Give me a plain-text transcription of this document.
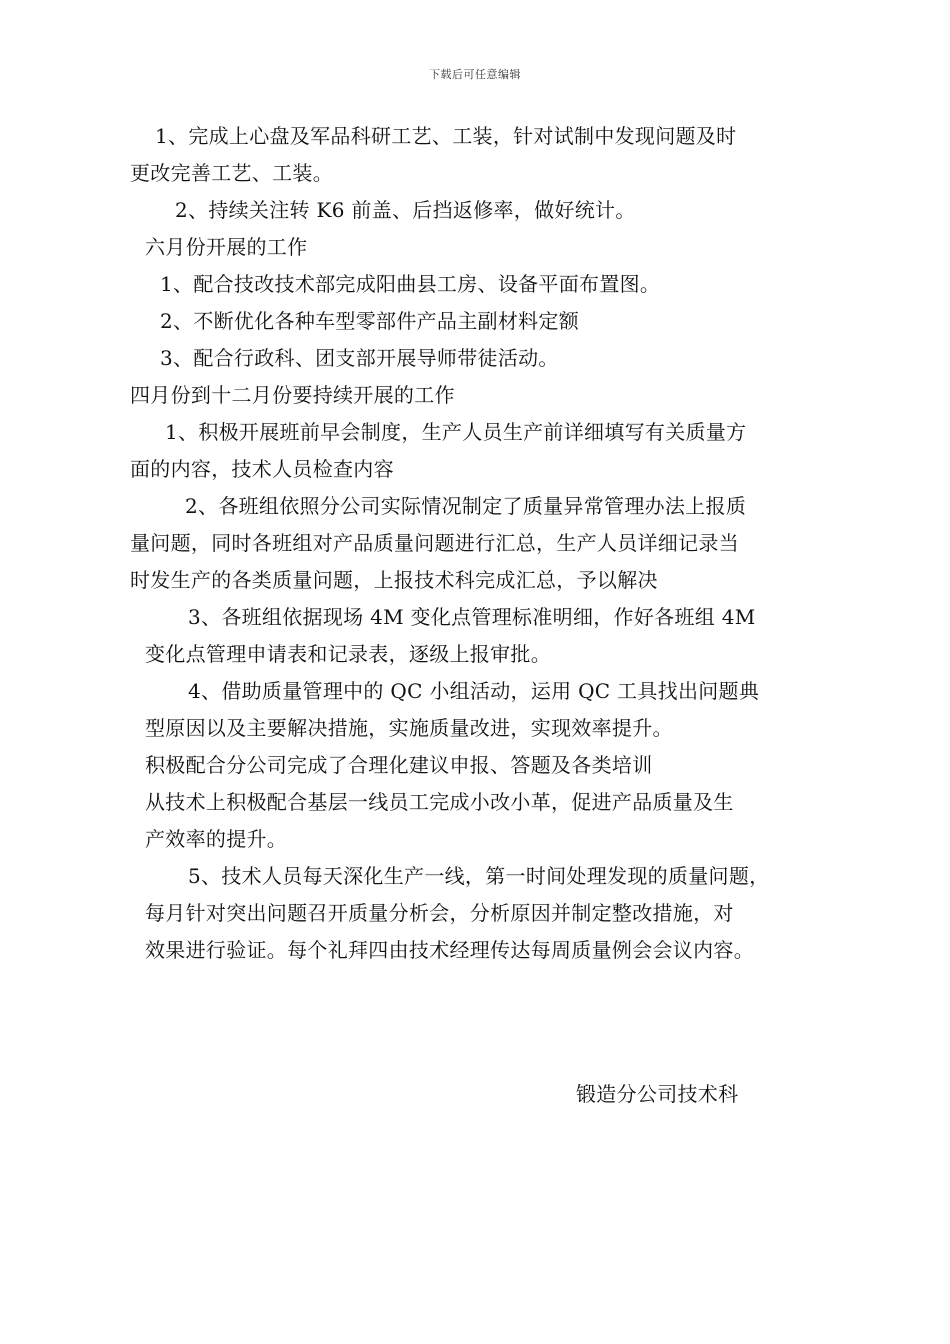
下载后可任意编辑
1、完成上心盘及军品科研工艺、工装，针对试制中发现问题及时
更改完善工艺、工装。
2、持续关注转 K6 前盖、后挡返修率，做好统计。
六月份开展的工作
1、配合技改技术部完成阳曲县工房、设备平面布置图。
2、不断优化各种车型零部件产品主副材料定额
3、配合行政科、团支部开展导师带徒活动。
四月份到十二月份要持续开展的工作
1、积极开展班前早会制度，生产人员生产前详细填写有关质量方
面的内容，技术人员检查内容
2、各班组依照分公司实际情况制定了质量异常管理办法上报质
量问题，同时各班组对产品质量问题进行汇总，生产人员详细记录当
时发生产的各类质量问题，上报技术科完成汇总，予以解决
3、各班组依据现场 4M 变化点管理标准明细，作好各班组 4M
变化点管理申请表和记录表，逐级上报审批。
4、借助质量管理中的 QC 小组活动，运用 QC 工具找出问题典
型原因以及主要解决措施，实施质量改进，实现效率提升。
积极配合分公司完成了合理化建议申报、答题及各类培训
从技术上积极配合基层一线员工完成小改小革，促进产品质量及生
产效率的提升。
5、技术人员每天深化生产一线，第一时间处理发现的质量问题，
每月针对突出问题召开质量分析会，分析原因并制定整改措施，对
效果进行验证。每个礼拜四由技术经理传达每周质量例会会议内容。
锻造分公司技术科
